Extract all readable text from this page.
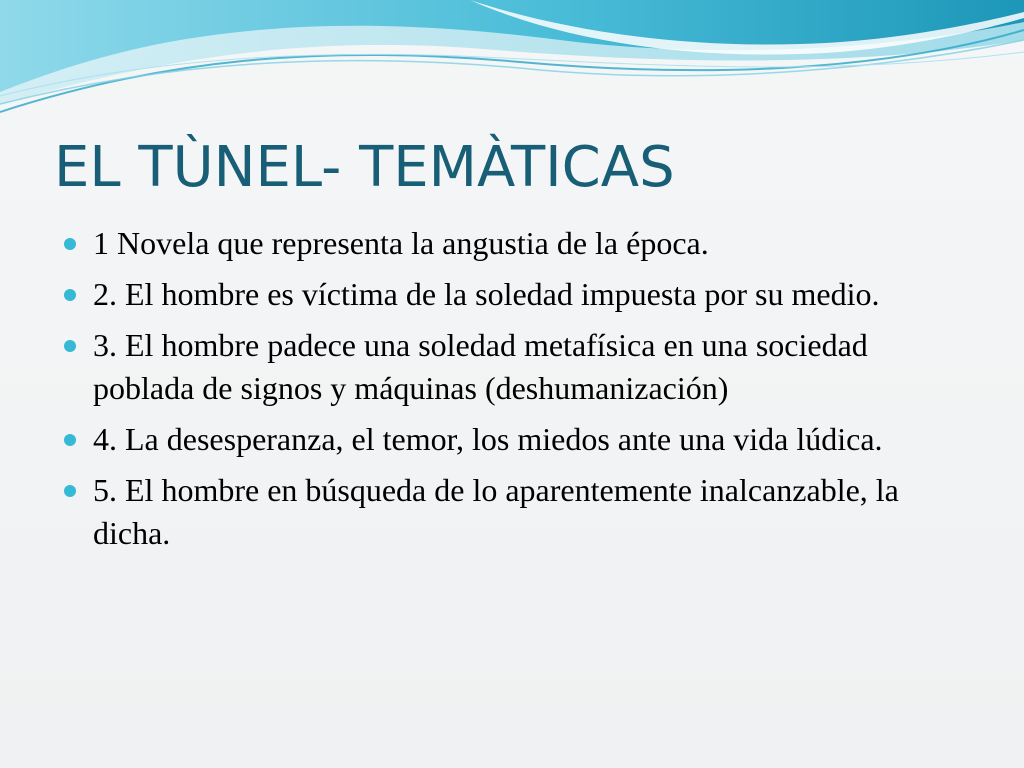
EL TÙNEL- TEMÀTICAS
1 Novela que representa la angustia de la época.
2. El hombre es víctima de la soledad impuesta por su medio.
3. El hombre padece una soledad metafísica en una sociedad poblada de signos y máquinas (deshumanización)
4. La desesperanza, el temor, los miedos ante una vida lúdica.
5. El hombre en búsqueda de lo aparentemente inalcanzable, la dicha.
